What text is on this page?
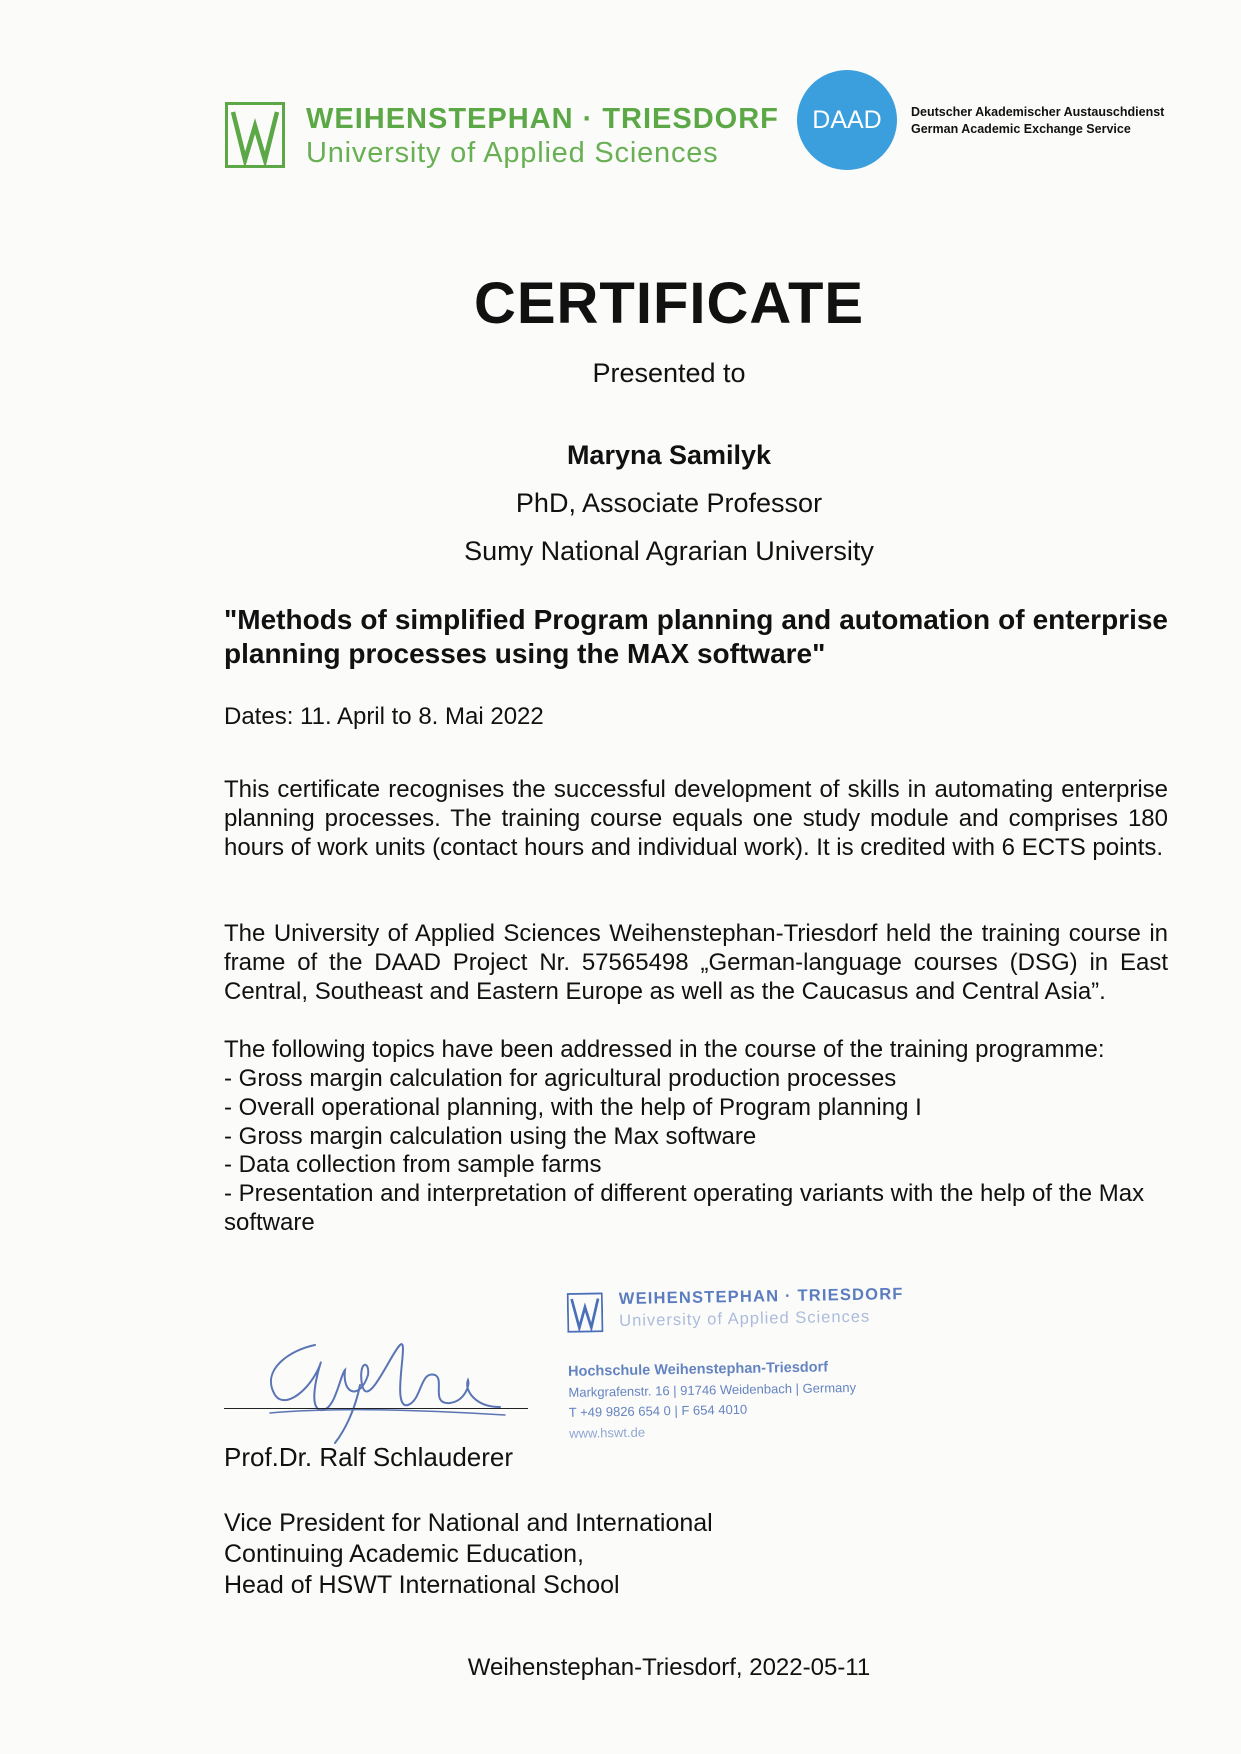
WEIHENSTEPHAN · TRIESDORF
University of Applied Sciences
DAAD Deutscher Akademischer Austauschdienst
German Academic Exchange Service
CERTIFICATE
Presented to
Maryna Samilyk
PhD, Associate Professor
Sumy National Agrarian University
"Methods of simplified Program planning and automation of enterprise planning processes using the MAX software"
Dates: 11. April to 8. Mai 2022
This certificate recognises the successful development of skills in automating enterprise planning processes. The training course equals one study module and comprises 180 hours of work units (contact hours and individual work). It is credited with 6 ECTS points.
The University of Applied Sciences Weihenstephan-Triesdorf held the training course in frame of the DAAD Project Nr. 57565498 „German-language courses (DSG) in East Central, Southeast and Eastern Europe as well as the Caucasus and Central Asia”.
The following topics have been addressed in the course of the training programme:
- Gross margin calculation for agricultural production processes
- Overall operational planning, with the help of Program planning I
- Gross margin calculation using the Max software
- Data collection from sample farms
- Presentation and interpretation of different operating variants with the help of the Max software
Prof.Dr. Ralf Schlauderer
Vice President for National and International
Continuing Academic Education,
Head of HSWT International School
WEIHENSTEPHAN · TRIESDORF
University of Applied Sciences
Hochschule Weihenstephan-Triesdorf
Markgrafenstr. 16 | 91746 Weidenbach | Germany
T +49 9826 654 0 | F 654 4010
www.hswt.de
Weihenstephan-Triesdorf, 2022-05-11
